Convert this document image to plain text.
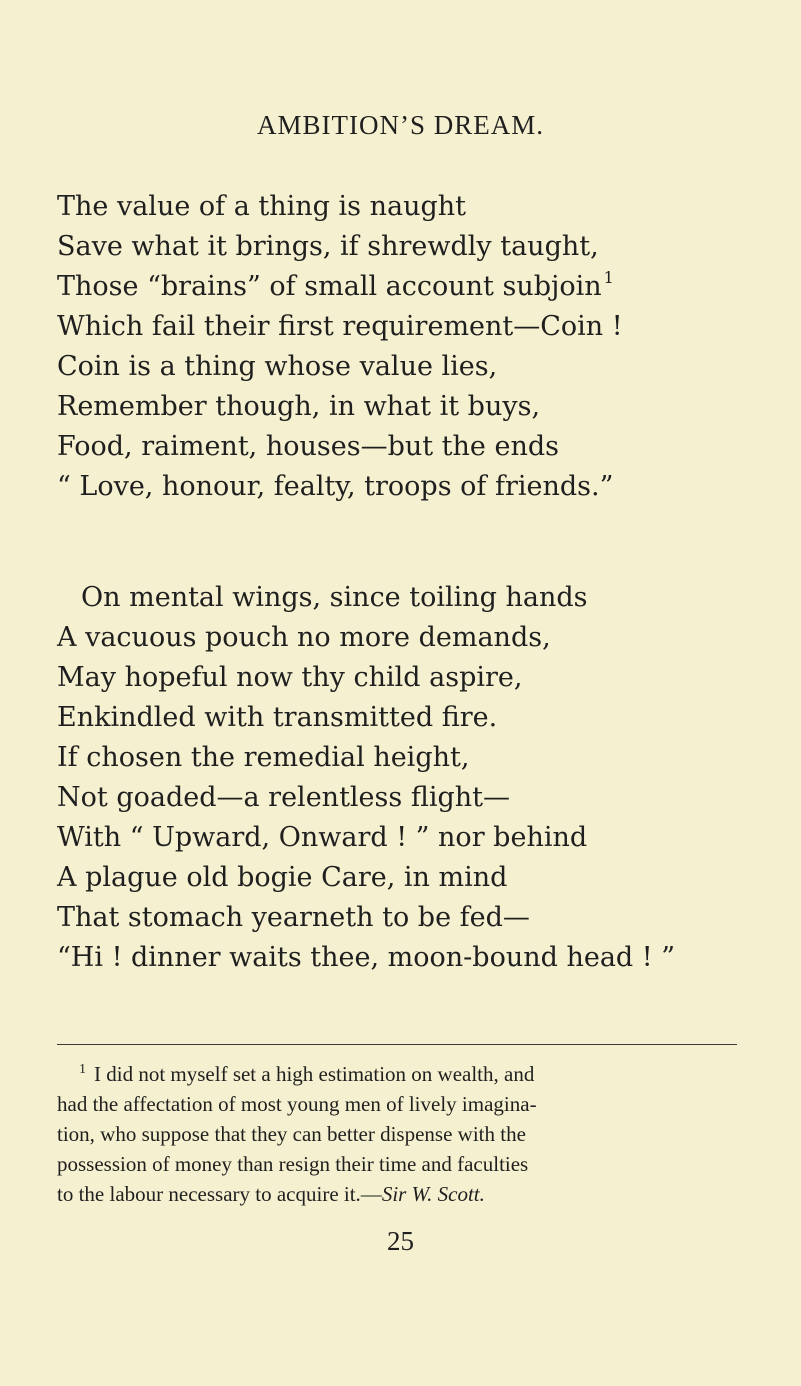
AMBITION’S DREAM.
The value of a thing is naught
Save what it brings, if shrewdly taught,
Those “brains” of small account subjoin $^1$
Which fail their first requirement—Coin !
Coin is a thing whose value lies,
Remember though, in what it buys,
Food, raiment, houses—but the ends
“ Love, honour, fealty, troops of friends.”
On mental wings, since toiling hands
A vacuous pouch no more demands,
May hopeful now thy child aspire,
Enkindled with transmitted fire.
If chosen the remedial height,
Not goaded—a relentless flight—
With “ Upward, Onward ! ” nor behind
A plague old bogie Care, in mind
That stomach yearneth to be fed—
“Hi ! dinner waits thee, moon-bound head ! ”
$^1$ I did not myself set a high estimation on wealth, and
had the affectation of most young men of lively imagina-
tion, who suppose that they can better dispense with the
possession of money than resign their time and faculties
to the labour necessary to acquire it.—Sir W. Scott.
25
